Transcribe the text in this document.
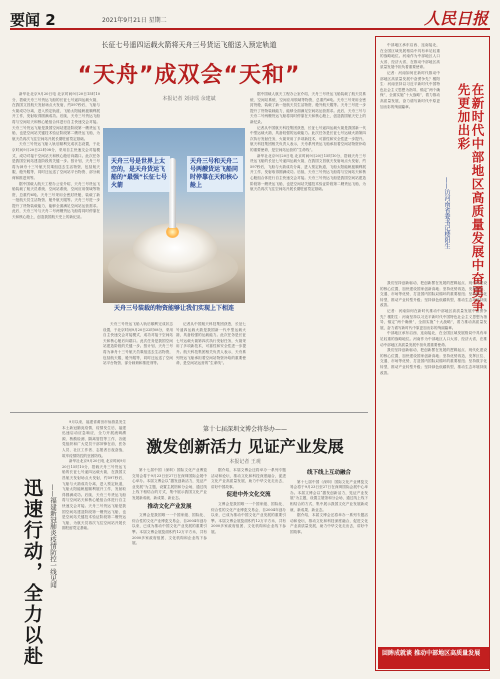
要闻 2	2021年9月21日 星期二	人民日报
长征七号遥四运载火箭将天舟三号货运飞船送入预定轨道
“天舟”成双会“天和”
本报记者 刘诗瑶 余建斌

新华社北京9月20日电 北京时间9月20日15时10分，搭载天舟三号货运飞船的长征七号遥四运载火箭，在我国文昌航天发射场点火发射，约597秒后，飞船与火箭成功分离，进入预定轨道，飞船太阳能帆板顺利展开工作，发射取得圆满成功。后续，天舟三号货运飞船将与空间站天和核心舱组合体进行自主快速交会对接。天舟三号货运飞船是我国空间站建造阶段第一艘货运飞船，也是空间站关键技术验证阶段第二艘货运飞船，为航天员再次飞往空间站开展长期驻留奠定基础。

天舟三号货运飞船入轨后顺利完成状态设置，于北京时间9月20日22时08分，采用自主快速交会对接模式，成功对接于空间站天和核心舱后向端口。此次任务是我国空间站建造阶段的关键一步。按计划，天舟三号将为神舟十三号航天员乘组送去生活物资，包括航天服、舱外服等，同时还运送了空间站平台物资、部分载荷和推进剂等。

据中国载人航天工程办公室介绍，天舟三号货运飞船装载了航天员系统、空间站系统、空间应用领域等物资，总重约6吨。天舟三号采用全密封货舱，装载了新一批航天员生活物资、舱外航天服等。天舟三号进一步提升了货物装载能力，能够全面满足空间站运营需求。此后，天舟三号与天舟二号两艘货运飞船将同时停靠在天和核心舱上，创造我国航天史上的新纪录。

天舟三号是世界上太空的，是天舟货运飞船的“最强”长征七号火箭
天舟三号和天舟二号两艘货运飞船同时停靠在天和核心舱上
天舟三号装载的物资能够让我们实现上下相连

天舟三号货运飞船入轨后顺利完成状态设置，于北京时间9月20日22时08分，采用自主快速交会对接模式，成功对接于空间站天和核心舱后向端口。此次任务是我国空间站建造阶段的关键一步。按计划，天舟三号将为神舟十三号航天员乘组送去生活物资，包括航天服、舱外服等，同时还运送了空间站平台物资、部分载荷和推进剂等。

记者从中国航天科技集团获悉，长征七号遥四运载火箭是我国新一代中型运载火箭，具备较强的运载能力。此次任务是长征七号运载火箭第四次执行发射任务，火箭采用了多项新技术，可靠性和安全性进一步提升。航天科技集团相关负责人表示，天舟系列货运飞船承担着空间站物资补给的重要使命，是空间站运营的“生命线”。

据中国载人航天工程办公室介绍，天舟三号货运飞船装载了航天员系统、空间站系统、空间应用领域等物资，总重约6吨。天舟三号采用全密封货舱，装载了新一批航天员生活物资、舱外航天服等。天舟三号进一步提升了货物装载能力，能够全面满足空间站运营需求。此后，天舟三号与天舟二号两艘货运飞船将同时停靠在天和核心舱上，创造我国航天史上的新纪录。

记者从中国航天科技集团获悉，长征七号遥四运载火箭是我国新一代中型运载火箭，具备较强的运载能力。此次任务是长征七号运载火箭第四次执行发射任务，火箭采用了多项新技术，可靠性和安全性进一步提升。航天科技集团相关负责人表示，天舟系列货运飞船承担着空间站物资补给的重要使命，是空间站运营的“生命线”。

新华社北京9月20日电 北京时间9月20日15时10分，搭载天舟三号货运飞船的长征七号遥四运载火箭，在我国文昌航天发射场点火发射，约597秒后，飞船与火箭成功分离，进入预定轨道，飞船太阳能帆板顺利展开工作，发射取得圆满成功。后续，天舟三号货运飞船将与空间站天和核心舱组合体进行自主快速交会对接。天舟三号货运飞船是我国空间站建造阶段第一艘货运飞船，也是空间站关键技术验证阶段第二艘货运飞船，为航天员再次飞往空间站开展长期驻留奠定基础。

迅速行动，全力以赴 ——福建新冠肺炎疫情防控一线见闻

9月以来，福建省莆田市仙游县发生本土新冠肺炎疫情，疫情发生后，福建迅速启动应急响应，全力开展流调溯源、核酸检测、隔离管控等工作，各级党组织和广大党员干部冲锋在前，医务人员、社区工作者、志愿者日夜奋战，筑牢疫情防控的坚固防线。

新华社北京9月20日电 北京时间9月20日15时10分，搭载天舟三号货运飞船的长征七号遥四运载火箭，在我国文昌航天发射场点火发射，约597秒后，飞船与火箭成功分离，进入预定轨道，飞船太阳能帆板顺利展开工作，发射取得圆满成功。后续，天舟三号货运飞船将与空间站天和核心舱组合体进行自主快速交会对接。天舟三号货运飞船是我国空间站建造阶段第一艘货运飞船，也是空间站关键技术验证阶段第二艘货运飞船，为航天员再次飞往空间站开展长期驻留奠定基础。

第十七届深圳文博会将举办——
激发创新活力 见证产业发展
本报记者 王观

第十七届中国（深圳）国际文化产业博览交易会将于9月23日至27日在深圳国际会展中心举办。本届文博会以“激发创新活力，见证产业发展”为主题，设置主展馆和分会场，通过线上线下相结合的方式，集中展示我国文化产业发展新成就、新成果、新业态。

推动文化产业发展

文博会是我国唯一一个国家级、国际化、综合性的文化产业博览交易会，自2004年创办以来，已成为推动中国文化产业发展的重要引擎。本届文博会展览面积约12万平方米，共有2000多家政府组团、文化机构和企业线下参展。

据介绍，本届文博会还将举办一系列专题活动和论坛，推动文化和科技深度融合，促进文化产业高质量发展，助力中华文化走出去，讲好中国故事。

促进中外文化交流

文博会是我国唯一一个国家级、国际化、综合性的文化产业博览交易会，自2004年创办以来，已成为推动中国文化产业发展的重要引擎。本届文博会展览面积约12万平方米，共有2000多家政府组团、文化机构和企业线下参展。

线下线上互动融合

第十七届中国（深圳）国际文化产业博览交易会将于9月23日至27日在深圳国际会展中心举办。本届文博会以“激发创新活力，见证产业发展”为主题，设置主展馆和分会场，通过线上线下相结合的方式，集中展示我国文化产业发展新成就、新成果、新业态。

据介绍，本届文博会还将举办一系列专题活动和论坛，推动文化和科技深度融合，促进文化产业高质量发展，助力中华文化走出去，讲好中国故事。

中部地区承东启西、连南接北，在全国区域发展格局中具有举足轻重的战略地位。河南作为中部地区人口大省、经济大省，在推动中部地区高质量发展中担负着重要使命。

记者：河南如何在新时代推动中部地区高质量发展中奋勇争先？楼阳生：河南坚持以习近平新时代中国特色社会主义思想为指导，锚定“两个确保”，全面实施“十大战略”，着力推动高质量发展，奋力谱写新时代中原更加出彩的绚丽篇章。	在新时代中部地区高质量发展中奋勇争先更加出彩
——访河南省委书记楼阳生

我们坚持创新驱动，把创新摆在发展的逻辑起点、现代化建设的核心位置，加快建设国家创新高地；坚持优势再造，发挥区位、交通、市场等优势，打造国内国际双循环的重要枢纽；坚持数字化转型，推动产业转型升级；坚持绿色低碳转型，推动生态环境持续改善。

记者：河南如何在新时代推动中部地区高质量发展中奋勇争先？楼阳生：河南坚持以习近平新时代中国特色社会主义思想为指导，锚定“两个确保”，全面实施“十大战略”，着力推动高质量发展，奋力谱写新时代中原更加出彩的绚丽篇章。

中部地区承东启西、连南接北，在全国区域发展格局中具有举足轻重的战略地位。河南作为中部地区人口大省、经济大省，在推动中部地区高质量发展中担负着重要使命。

我们坚持创新驱动，把创新摆在发展的逻辑起点、现代化建设的核心位置，加快建设国家创新高地；坚持优势再造，发挥区位、交通、市场等优势，打造国内国际双循环的重要枢纽；坚持数字化转型，推动产业转型升级；坚持绿色低碳转型，推动生态环境持续改善。

回眸成就谈 推动中部地区高质量发展
